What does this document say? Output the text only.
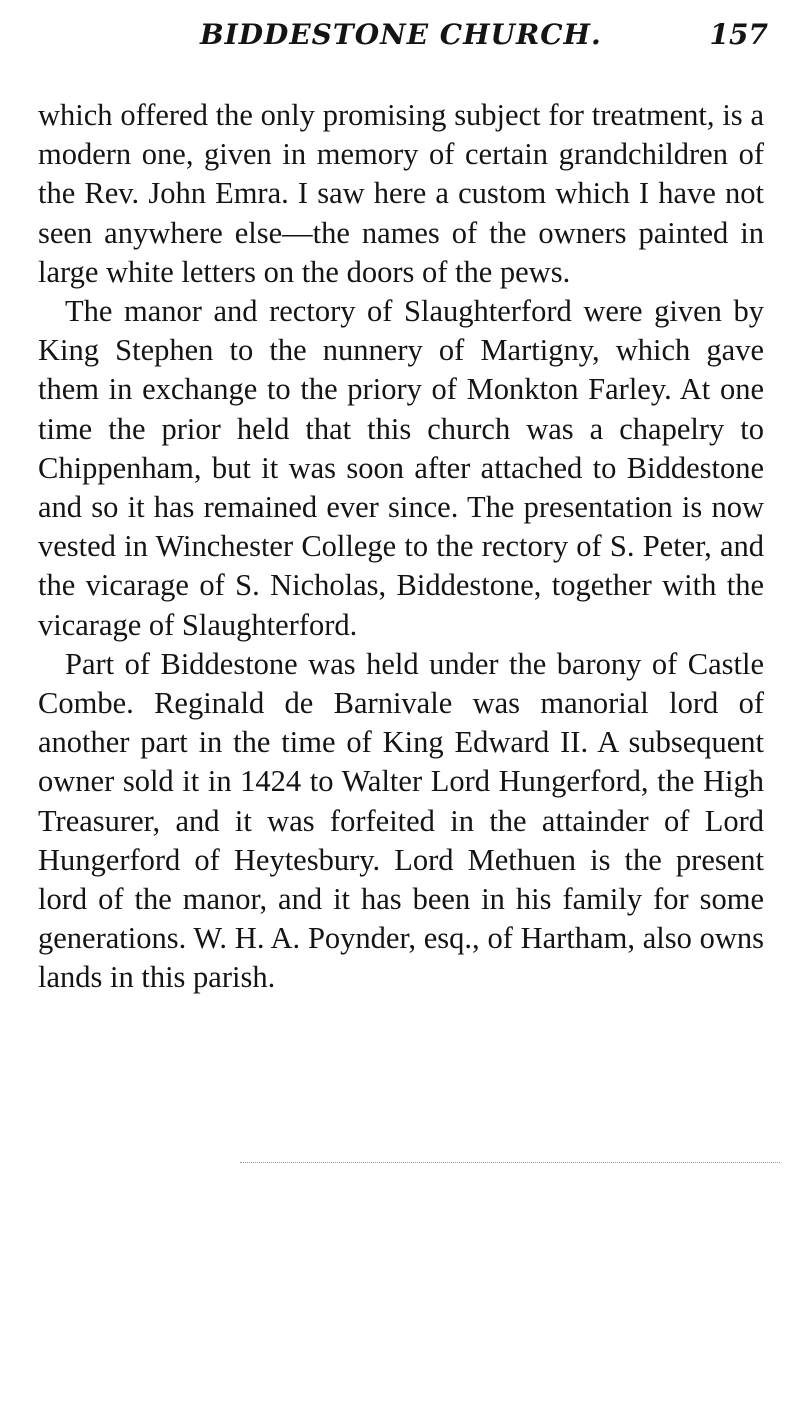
BIDDESTONE CHURCH.	157

which offered the only promising subject for treatment, is a modern one, given in memory of certain grandchildren of the Rev. John Emra. I saw here a custom which I have not seen anywhere else—the names of the owners painted in large white letters on the doors of the pews.

The manor and rectory of Slaughterford were given by King Stephen to the nunnery of Martigny, which gave them in exchange to the priory of Monkton Farley. At one time the prior held that this church was a chapelry to Chippenham, but it was soon after attached to Biddestone and so it has remained ever since. The presentation is now vested in Winchester College to the rectory of S. Peter, and the vicarage of S. Nicholas, Biddestone, together with the vicarage of Slaughterford.

Part of Biddestone was held under the barony of Castle Combe. Reginald de Barnivale was manorial lord of another part in the time of King Edward II. A subsequent owner sold it in 1424 to Walter Lord Hungerford, the High Treasurer, and it was forfeited in the attainder of Lord Hungerford of Heytesbury. Lord Methuen is the present lord of the manor, and it has been in his family for some generations. W. H. A. Poynder, esq., of Hartham, also owns lands in this parish.
